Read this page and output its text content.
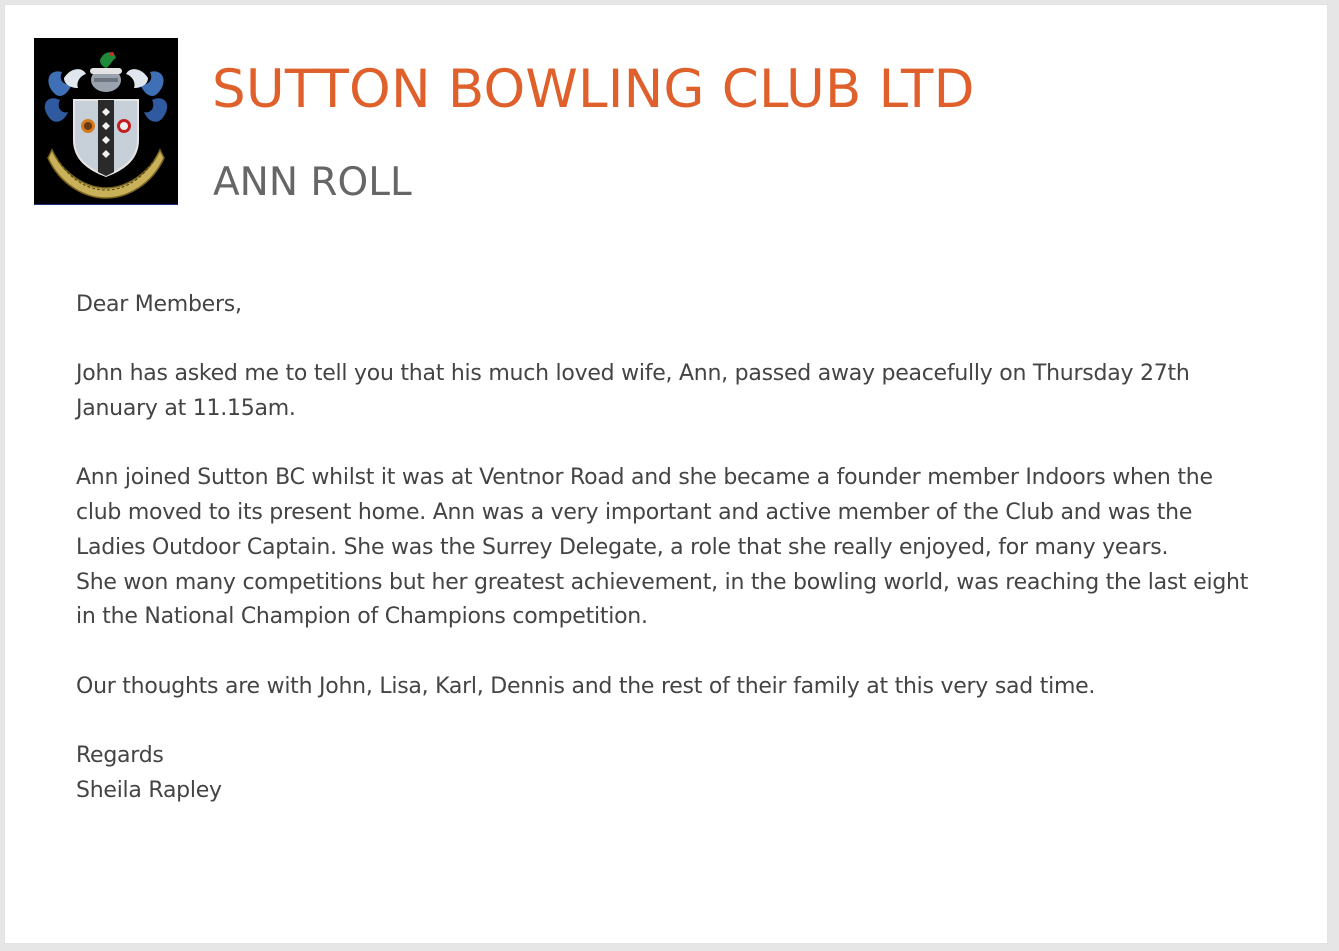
SUTTON BOWLING CLUB LTD
ANN ROLL

Dear Members,

John has asked me to tell you that his much loved wife, Ann, passed away peacefully on Thursday 27th January at 11.15am.

Ann joined Sutton BC whilst it was at Ventnor Road and she became a founder member Indoors when the club moved to its present home. Ann was a very important and active member of the Club and was the Ladies Outdoor Captain. She was the Surrey Delegate, a role that she really enjoyed, for many years.

She won many competitions but her greatest achievement, in the bowling world, was reaching the last eight in the National Champion of Champions competition.

Our thoughts are with John, Lisa, Karl, Dennis and the rest of their family at this very sad time.

Regards
Sheila Rapley
